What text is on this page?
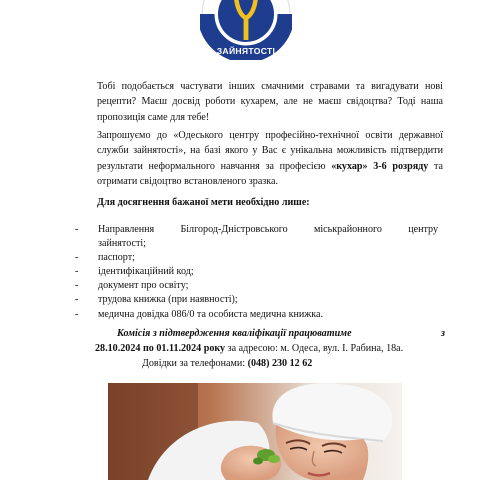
ЗАЙНЯТОСТІ
Тобі подобається частувати інших смачними стравами та вигадувати нові рецепти? Маєш досвід роботи кухарем, але не маєш свідоцтва? Тоді наша пропозиція саме для тебе!
Запрошуємо до «Одеського центру професійно-технічної освіти державної служби зайнятості», на базі якого у Вас є унікальна можливість підтвердити результати неформального навчання за професією «кухар» 3-6 розряду та отримати свідоцтво встановленого зразка.
Для досягнення бажаної мети необхідно лише:
- Направлення Білгород-Дністровського міськрайонного центру
зайнятості;
- паспорт;
- ідентифікаційний код;
- документ про освіту;
- трудова книжка (при наявності);
- медична довідка 086/0 та особиста медична книжка.
Комісія з підтвердження кваліфікації працюватиме	з
28.10.2024 по 01.11.2024 року за адресою: м. Одеса, вул. І. Рабина, 18а.
Довідки за телефонами: (048) 230 12 62
